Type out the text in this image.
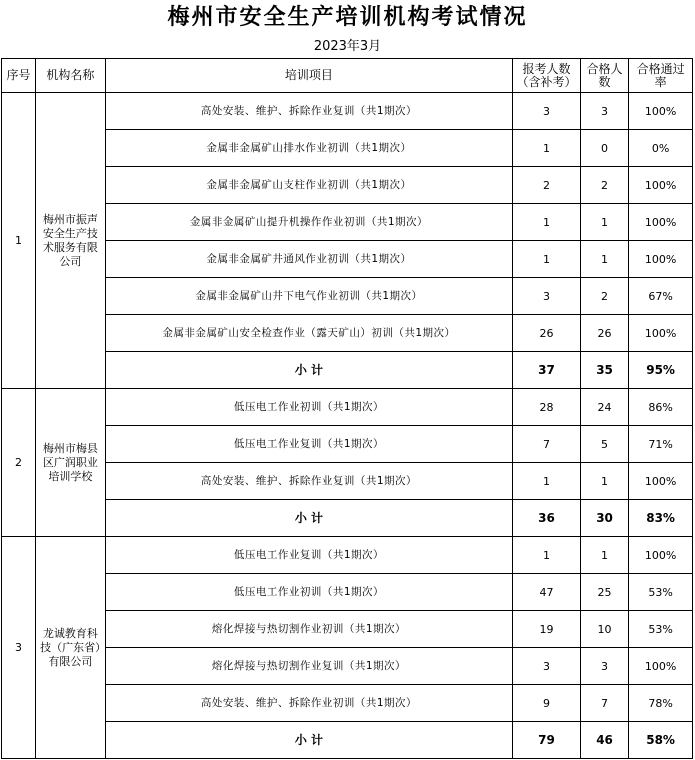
梅州市安全生产培训机构考试情况
2023年3月
序号	机构名称	培训项目	报考人数（含补考）	合格人数	合格通过率
1	梅州市振声安全生产技术服务有限公司	高处安装、维护、拆除作业复训（共1期次）	3	3	100%
		金属非金属矿山排水作业初训（共1期次）	1	0	0%
		金属非金属矿山支柱作业初训（共1期次）	2	2	100%
		金属非金属矿山提升机操作作业初训（共1期次）	1	1	100%
		金属非金属矿井通风作业初训（共1期次）	1	1	100%
		金属非金属矿山井下电气作业初训（共1期次）	3	2	67%
		金属非金属矿山安全检查作业（露天矿山）初训（共1期次）	26	26	100%
		小 计	37	35	95%
2	梅州市梅县区广润职业培训学校	低压电工作业初训（共1期次）	28	24	86%
		低压电工作业复训（共1期次）	7	5	71%
		高处安装、维护、拆除作业复训（共1期次）	1	1	100%
		小 计	36	30	83%
3	龙诚教育科技（广东省）有限公司	低压电工作业复训（共1期次）	1	1	100%
		低压电工作业初训（共1期次）	47	25	53%
		熔化焊接与热切割作业初训（共1期次）	19	10	53%
		熔化焊接与热切割作业复训（共1期次）	3	3	100%
		高处安装、维护、拆除作业初训（共1期次）	9	7	78%
		小 计	79	46	58%
